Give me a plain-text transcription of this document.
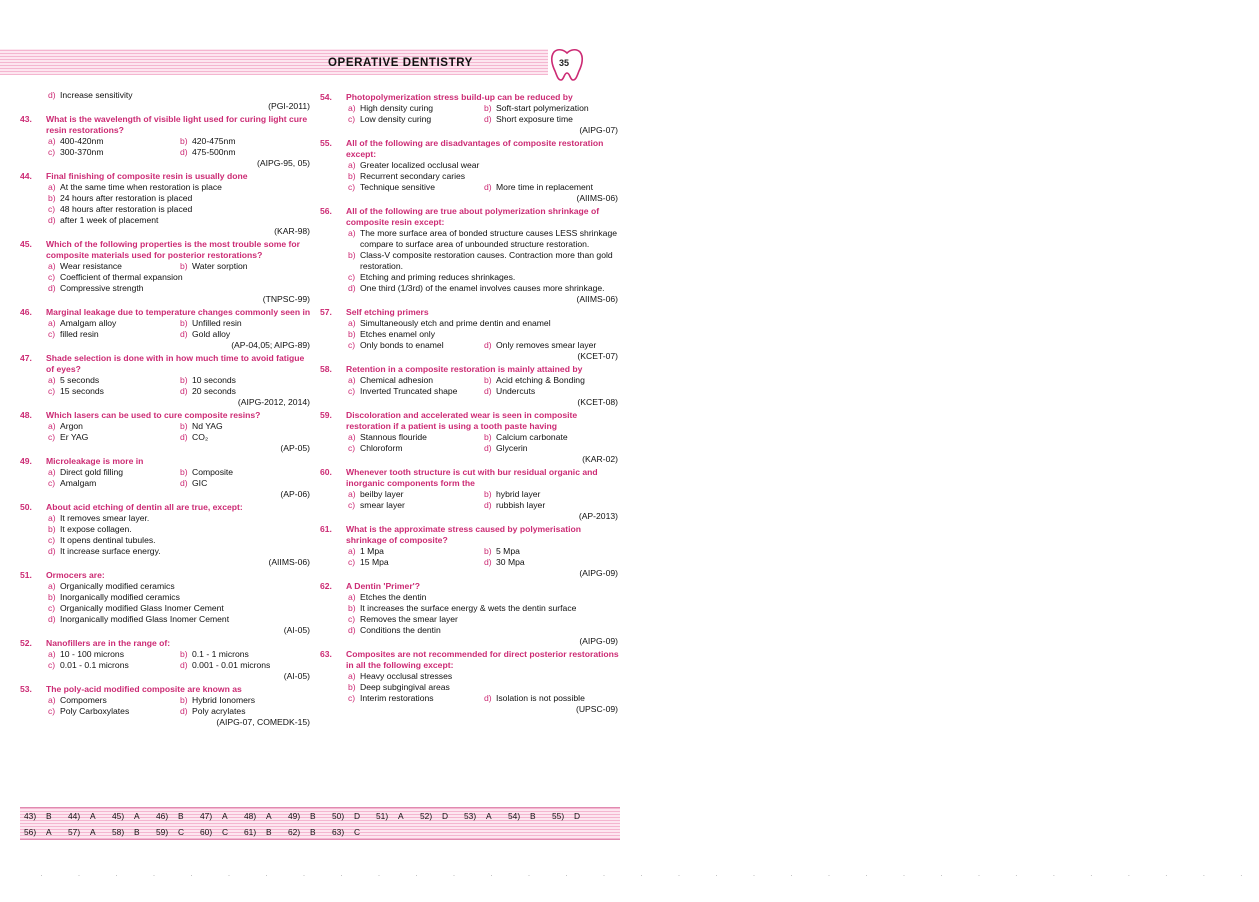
OPERATIVE DENTISTRY	35
d) Increase sensitivity
(PGI-2011)
43.	What is the wavelength of visible light used for curing light cure resin restorations?
a) 400-420nm	b) 420-475nm
c) 300-370nm	d) 475-500nm
(AIPG-95, 05)
44.	Final finishing of composite resin is usually done
a) At the same time when restoration is place
b) 24 hours after restoration is placed
c) 48 hours after restoration is placed
d) after 1 week of placement
(KAR-98)
45.	Which of the following properties is the most trouble some for composite materials used for posterior restorations?
a) Wear resistance	b) Water sorption
c) Coefficient of thermal expansion
d) Compressive strength
(TNPSC-99)
46.	Marginal leakage due to temperature changes commonly seen in
a) Amalgam alloy	b) Unfilled resin
c) filled resin	d) Gold alloy
(AP-04,05; AIPG-89)
47.	Shade selection is done with in how much time to avoid fatigue of eyes?
a) 5 seconds	b) 10 seconds
c) 15 seconds	d) 20 seconds
(AIPG-2012, 2014)
48.	Which lasers can be used to cure composite resins?
a) Argon	b) Nd YAG
c) Er YAG	d) CO₂
(AP-05)
49.	Microleakage is more in
a) Direct gold filling	b) Composite
c) Amalgam	d) GIC
(AP-06)
50.	About acid etching of dentin all are true, except:
a) It removes smear layer.
b) It expose collagen.
c) It opens dentinal tubules.
d) It increase surface energy.
(AIIMS-06)
51.	Ormocers are:
a) Organically modified ceramics
b) Inorganically modified ceramics
c) Organically modified Glass Inomer Cement
d) Inorganically modified Glass Inomer Cement
(AI-05)
52.	Nanofillers are in the range of:
a) 10 - 100 microns	b) 0.1 - 1 microns
c) 0.01 - 0.1 microns	d) 0.001 - 0.01 microns
(AI-05)
53.	The poly-acid modified composite are known as
a) Compomers	b) Hybrid Ionomers
c) Poly Carboxylates	d) Poly acrylates
(AIPG-07, COMEDK-15)
54.	Photopolymerization stress build-up can be reduced by
a) High density curing	b) Soft-start polymerization
c) Low density curing	d) Short exposure time
(AIPG-07)
55.	All of the following are disadvantages of composite restoration except:
a) Greater localized occlusal wear
b) Recurrent secondary caries
c) Technique sensitive	d) More time in replacement
(AIIMS-06)
56.	All of the following are true about polymerization shrinkage of composite resin except:
a) The more surface area of bonded structure causes LESS shrinkage compare to surface area of unbounded structure restoration.
b) Class-V composite restoration causes. Contraction more than gold restoration.
c) Etching and priming reduces shrinkages.
d) One third (1/3rd) of the enamel involves causes more shrinkage.
(AIIMS-06)
57.	Self etching primers
a) Simultaneously etch and prime dentin and enamel
b) Etches enamel only
c) Only bonds to enamel	d) Only removes smear layer
(KCET-07)
58.	Retention in a composite restoration is mainly attained by
a) Chemical adhesion	b) Acid etching & Bonding
c) Inverted Truncated shape	d) Undercuts
(KCET-08)
59.	Discoloration and accelerated wear is seen in composite restoration if a patient is using a tooth paste having
a) Stannous flouride	b) Calcium carbonate
c) Chloroform	d) Glycerin
(KAR-02)
60.	Whenever tooth structure is cut with bur residual organic and inorganic components form the
a) beilby layer	b) hybrid layer
c) smear layer	d) rubbish layer
(AP-2013)
61.	What is the approximate stress caused by polymerisation shrinkage of composite?
a) 1 Mpa	b) 5 Mpa
c) 15 Mpa	d) 30 Mpa
(AIPG-09)
62.	A Dentin 'Primer'?
a) Etches the dentin
b) It increases the surface energy & wets the dentin surface
c) Removes the smear layer
d) Conditions the dentin
(AIPG-09)
63.	Composites are not recommended for direct posterior restorations in all the following except:
a) Heavy occlusal stresses
b) Deep subgingival areas
c) Interim restorations	d) Isolation is not possible
(UPSC-09)
43)	B 44)	A 45)	A 46)	B 47)	A 48)	A 49)	B 50)	D 51)	A 52)	D 53)	A 54)	B 55)	D
56)	A 57)	A 58)	B 59)	C 60)	C 61)	B 62)	B 63)	C
· · · · · · · · · · · · · · · · · · · · · · · · · · · · · · · · ·
